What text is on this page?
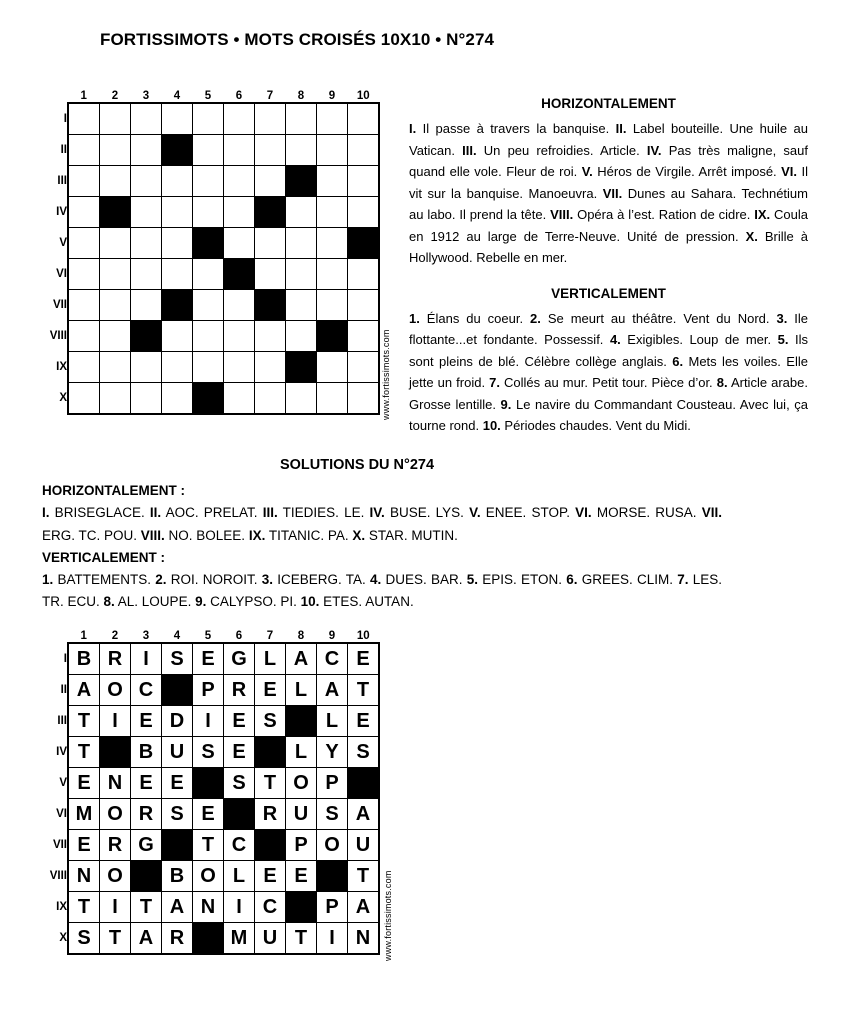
FORTISSIMOTS • MOTS CROISÉS 10X10 • N°274
	1	2	3	4	5	6	7	8	9	10
I										
II										
III										
IV										
V										
VI										
VII										
VIII										
IX										
X											www.fortissimots.com
HORIZONTALEMENT

I. Il passe à travers la banquise. II. Label bouteille. Une huile au Vatican. III. Un peu refroidies. Article. IV. Pas très maligne, sauf quand elle vole. Fleur de roi. V. Héros de Virgile. Arrêt imposé. VI. Il vit sur la banquise. Manoeuvra. VII. Dunes au Sahara. Technétium au labo. Il prend la tête. VIII. Opéra à l’est. Ration de cidre. IX. Coula en 1912 au large de Terre-Neuve. Unité de pression. X. Brille à Hollywood. Rebelle en mer.

VERTICALEMENT

1. Élans du coeur. 2. Se meurt au théâtre. Vent du Nord. 3. Ile flottante...et fondante. Possessif. 4. Exigibles. Loup de mer. 5. Ils sont pleins de blé. Célèbre collège anglais. 6. Mets les voiles. Elle jette un froid. 7. Collés au mur. Petit tour. Pièce d’or. 8. Article arabe. Grosse lentille. 9. Le navire du Commandant Cousteau. Avec lui, ça tourne rond. 10. Périodes chaudes. Vent du Midi.

SOLUTIONS DU N°274
HORIZONTALEMENT :

I. BRISEGLACE. II. AOC. PRELAT. III. TIEDIES. LE. IV. BUSE. LYS. V. ENEE. STOP. VI. MORSE. RUSA. VII. ERG. TC. POU. VIII. NO. BOLEE. IX. TITANIC. PA. X. STAR. MUTIN.

VERTICALEMENT :

1. BATTEMENTS. 2. ROI. NOROIT. 3. ICEBERG. TA. 4. DUES. BAR. 5. EPIS. ETON. 6. GREES. CLIM. 7. LES. TR. ECU. 8. AL. LOUPE. 9. CALYPSO. PI. 10. ETES. AUTAN.

	1	2	3	4	5	6	7	8	9	10
I	B	R	I	S	E	G	L	A	C	E
II	A	O	C		P	R	E	L	A	T
III	T	I	E	D	I	E	S		L	E
IV	T		B	U	S	E		L	Y	S
V	E	N	E	E		S	T	O	P	
VI	M	O	R	S	E		R	U	S	A
VII	E	R	G		T	C		P	O	U
VIII	N	O		B	O	L	E	E		T
IX	T	I	T	A	N	I	C		P	A
X	S	T	A	R		M	U	T	I	N www.fortissimots.com
